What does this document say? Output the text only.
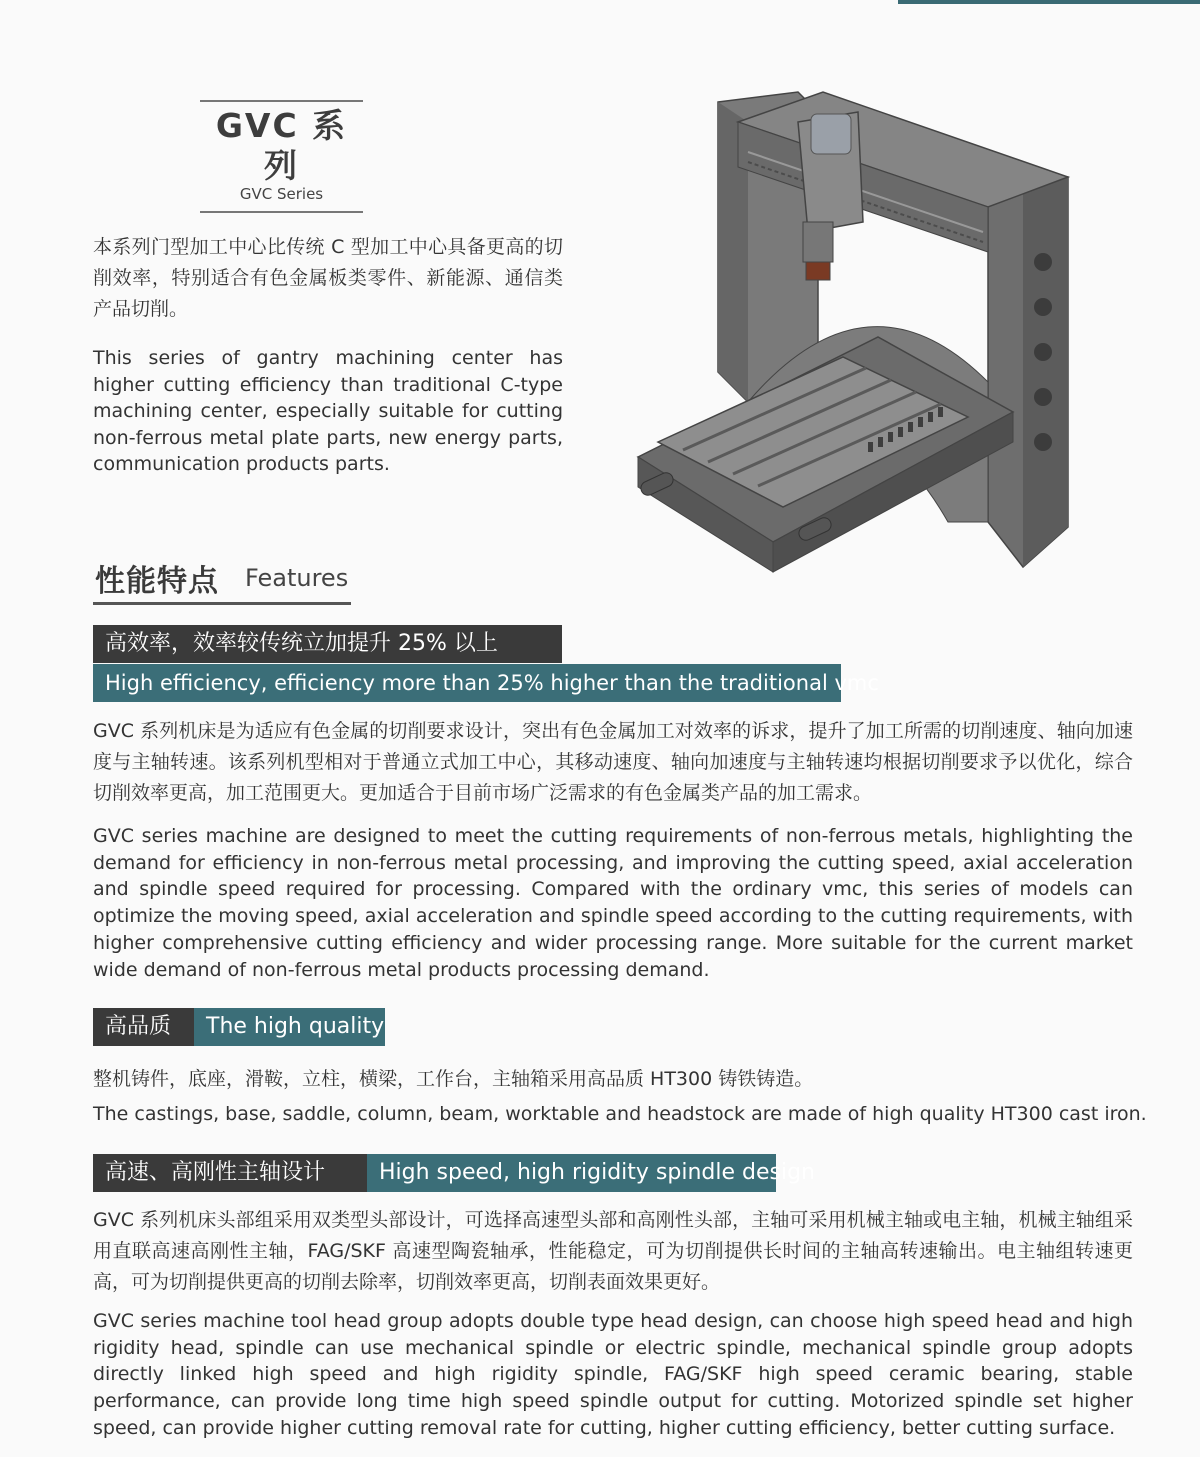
GVC 系列
GVC Series
本系列门型加工中心比传统 C 型加工中心具备更高的切削效率，特别适合有色金属板类零件、新能源、通信类产品切削。
This series of gantry machining center has higher cutting efficiency than traditional C-type machining center, especially suitable for cutting non-ferrous metal plate parts, new energy parts, communication products parts.
性能特点 Features
高效率，效率较传统立加提升 25% 以上
High efficiency, efficiency more than 25% higher than the traditional vmc
GVC 系列机床是为适应有色金属的切削要求设计，突出有色金属加工对效率的诉求，提升了加工所需的切削速度、轴向加速度与主轴转速。该系列机型相对于普通立式加工中心，其移动速度、轴向加速度与主轴转速均根据切削要求予以优化，综合切削效率更高，加工范围更大。更加适合于目前市场广泛需求的有色金属类产品的加工需求。
GVC series machine are designed to meet the cutting requirements of non-ferrous metals, highlighting the demand for efficiency in non-ferrous metal processing, and improving the cutting speed, axial acceleration and spindle speed required for processing. Compared with the ordinary vmc, this series of models can optimize the moving speed, axial acceleration and spindle speed according to the cutting requirements, with higher comprehensive cutting efficiency and wider processing range. More suitable for the current market wide demand of non-ferrous metal products processing demand.
高品质	The high quality
整机铸件，底座，滑鞍，立柱，横梁，工作台，主轴箱采用高品质 HT300 铸铁铸造。
The castings, base, saddle, column, beam, worktable and headstock are made of high quality HT300 cast iron.
高速、高刚性主轴设计	High speed, high rigidity spindle design
GVC 系列机床头部组采用双类型头部设计，可选择高速型头部和高刚性头部，主轴可采用机械主轴或电主轴，机械主轴组采用直联高速高刚性主轴，FAG/SKF 高速型陶瓷轴承，性能稳定，可为切削提供长时间的主轴高转速输出。电主轴组转速更高，可为切削提供更高的切削去除率，切削效率更高，切削表面效果更好。
GVC series machine tool head group adopts double type head design, can choose high speed head and high rigidity head, spindle can use mechanical spindle or electric spindle, mechanical spindle group adopts directly linked high speed and high rigidity spindle, FAG/SKF high speed ceramic bearing, stable performance, can provide long time high speed spindle output for cutting. Motorized spindle set higher speed, can provide higher cutting removal rate for cutting, higher cutting efficiency, better cutting surface.
